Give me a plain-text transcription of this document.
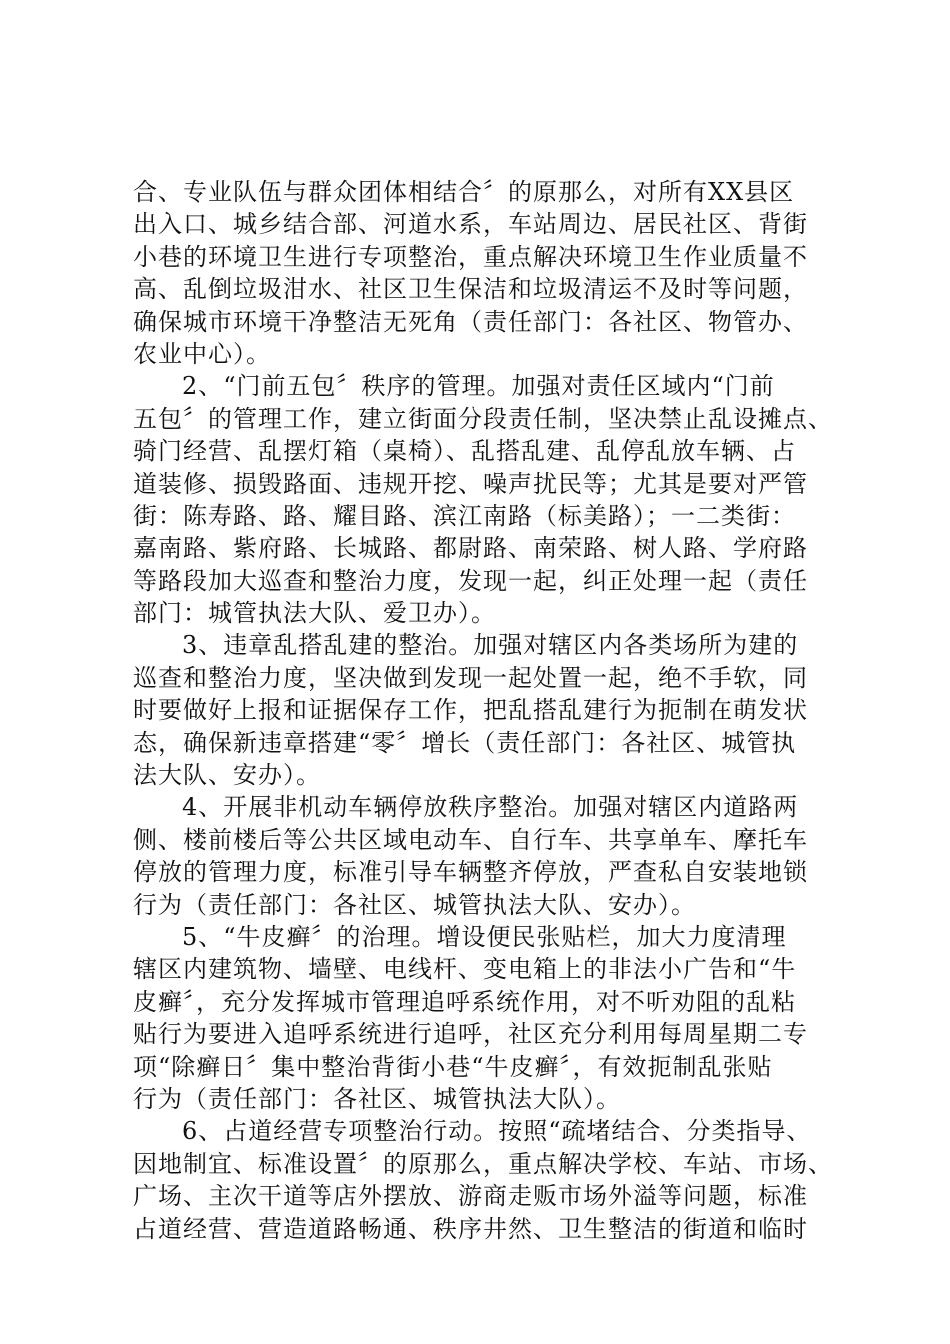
合、专业队伍与群众团体相结合〞的原那么，对所有XX县区
出入口、城乡结合部、河道水系，车站周边、居民社区、背街
小巷的环境卫生进行专项整治，重点解决环境卫生作业质量不
高、乱倒垃圾泔水、社区卫生保洁和垃圾清运不及时等问题，
确保城市环境干净整洁无死角（责任部门：各社区、物管办、
农业中心）。
2、“门前五包〞秩序的管理。加强对责任区域内“门前
五包〞的管理工作，建立街面分段责任制，坚决禁止乱设摊点、
骑门经营、乱摆灯箱（桌椅）、乱搭乱建、乱停乱放车辆、占
道装修、损毁路面、违规开挖、噪声扰民等；尤其是要对严管
街：陈寿路、路、耀目路、滨江南路（标美路）；一二类街：
嘉南路、紫府路、长城路、都尉路、南荣路、树人路、学府路
等路段加大巡查和整治力度，发现一起，纠正处理一起（责任
部门：城管执法大队、爱卫办）。
3、违章乱搭乱建的整治。加强对辖区内各类场所为建的
巡查和整治力度，坚决做到发现一起处置一起，绝不手软，同
时要做好上报和证据保存工作，把乱搭乱建行为扼制在萌发状
态，确保新违章搭建“零〞增长（责任部门：各社区、城管执
法大队、安办）。
4、开展非机动车辆停放秩序整治。加强对辖区内道路两
侧、楼前楼后等公共区域电动车、自行车、共享单车、摩托车
停放的管理力度，标准引导车辆整齐停放，严查私自安装地锁
行为（责任部门：各社区、城管执法大队、安办）。
5、“牛皮癣〞的治理。增设便民张贴栏，加大力度清理
辖区内建筑物、墙壁、电线杆、变电箱上的非法小广告和“牛
皮癣〞，充分发挥城市管理追呼系统作用，对不听劝阻的乱粘
贴行为要进入追呼系统进行追呼，社区充分利用每周星期二专
项“除癣日〞集中整治背街小巷“牛皮癣〞，有效扼制乱张贴
行为（责任部门：各社区、城管执法大队）。
6、占道经营专项整治行动。按照“疏堵结合、分类指导、
因地制宜、标准设置〞的原那么，重点解决学校、车站、市场、
广场、主次干道等店外摆放、游商走贩市场外溢等问题，标准
占道经营、营造道路畅通、秩序井然、卫生整洁的街道和临时
